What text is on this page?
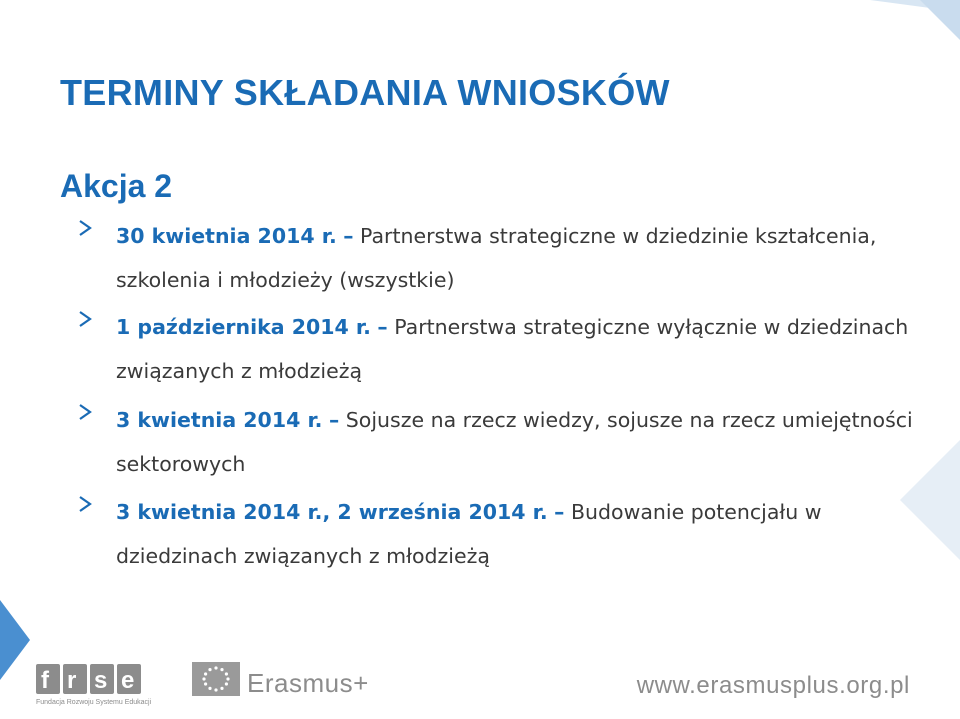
TERMINY SKŁADANIA WNIOSKÓW
Akcja 2
30 kwietnia 2014 r. – Partnerstwa strategiczne w dziedzinie kształcenia, szkolenia i młodzieży (wszystkie)
1 października 2014 r. – Partnerstwa strategiczne wyłącznie w dziedzinach związanych z młodzieżą
3 kwietnia 2014 r. – Sojusze na rzecz wiedzy, sojusze na rzecz umiejętności sektorowych
3 kwietnia 2014 r., 2 września 2014 r. – Budowanie potencjału w dziedzinach związanych z młodzieżą
f r s e
Fundacja Rozwoju Systemu Edukacji
Erasmus+	www.erasmusplus.org.pl
